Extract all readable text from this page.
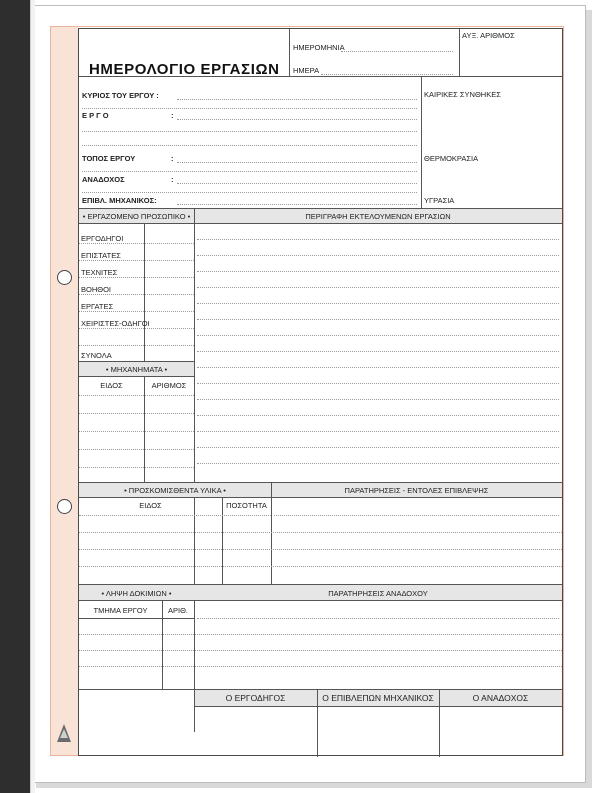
ΗΜΕΡΟΛΟΓΙΟ ΕΡΓΑΣΙΩΝ
ΗΜΕΡΟΜΗΝΙΑ
ΗΜΕΡΑ
ΑΥΞ. ΑΡΙΘΜΟΣ
ΚΥΡΙΟΣ ΤΟΥ ΕΡΓΟΥ :
Ε Ρ Γ Ο	:
ΤΟΠΟΣ ΕΡΓΟΥ	:
ΑΝΑΔΟΧΟΣ	:
ΕΠΙΒΛ. ΜΗΧΑΝΙΚΟΣ:
ΚΑΙΡΙΚΕΣ ΣΥΝΘΗΚΕΣ
ΘΕΡΜΟΚΡΑΣΙΑ
ΥΓΡΑΣΙΑ
• ΕΡΓΑΖΟΜΕΝΟ ΠΡΟΣΩΠΙΚΟ •	ΠΕΡΙΓΡΑΦΗ ΕΚΤΕΛΟΥΜΕΝΩΝ ΕΡΓΑΣΙΩΝ
ΕΡΓΟΔΗΓΟΙ
ΕΠΙΣΤΑΤΕΣ
ΤΕΧΝΙΤΕΣ
ΒΟΗΘΟΙ
ΕΡΓΑΤΕΣ
ΧΕΙΡΙΣΤΕΣ-ΟΔΗΓΟΙ
ΣΥΝΟΛΑ
• ΜΗΧΑΝΗΜΑΤΑ •
ΕΙΔΟΣ	ΑΡΙΘΜΟΣ
• ΠΡΟΣΚΟΜΙΣΘΕΝΤΑ ΥΛΙΚΑ •	ΠΑΡΑΤΗΡΗΣΕΙΣ - ΕΝΤΟΛΕΣ ΕΠΙΒΛΕΨΗΣ
ΕΙΔΟΣ	ΠΟΣΟΤΗΤΑ
• ΛΗΨΗ ΔΟΚΙΜΙΩΝ •	ΠΑΡΑΤΗΡΗΣΕΙΣ ΑΝΑΔΟΧΟΥ
ΤΜΗΜΑ ΕΡΓΟΥ	ΑΡΙΘ.
Ο ΕΡΓΟΔΗΓΟΣ	Ο ΕΠΙΒΛΕΠΩΝ ΜΗΧΑΝΙΚΟΣ	Ο ΑΝΑΔΟΧΟΣ
